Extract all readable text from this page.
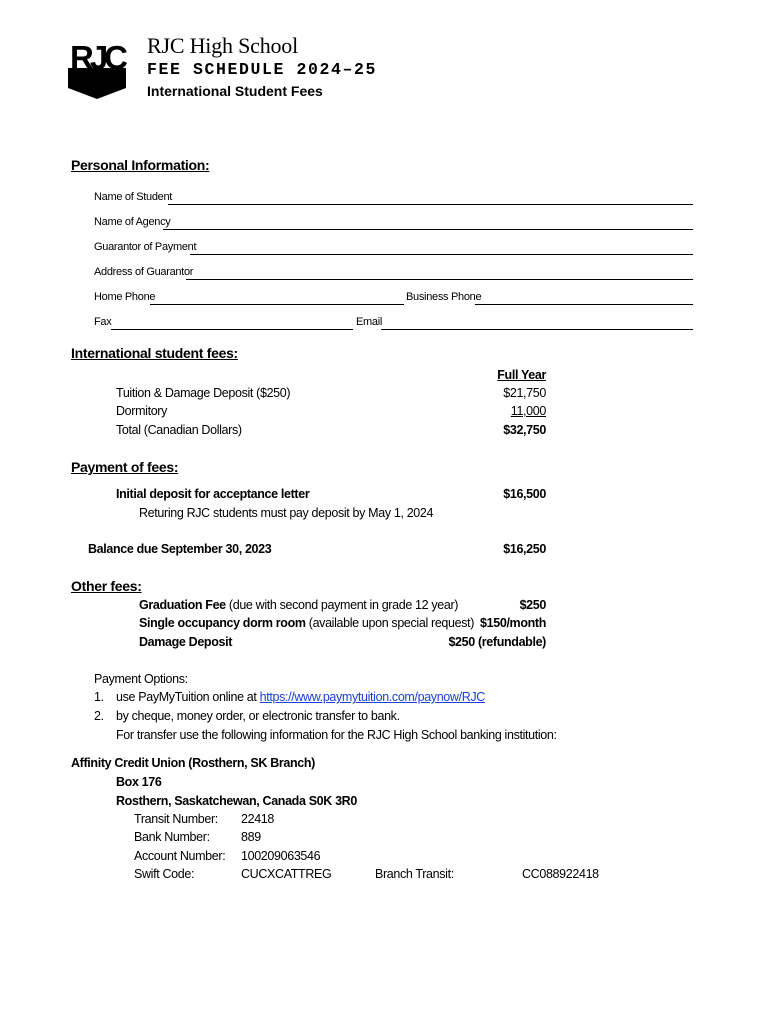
RJC RJC High School
FEE SCHEDULE 2024–25
International Student Fees
Personal Information:
Name of Student
Name of Agency
Guarantor of Payment
Address of Guarantor
Home Phone	Business Phone
Fax	Email
International student fees:
Full Year
Tuition & Damage Deposit ($250)	$21,750
Dormitory	11,000
Total (Canadian Dollars)	$32,750
Payment of fees:
Initial deposit for acceptance letter	$16,500
Returing RJC students must pay deposit by May 1, 2024
Balance due September 30, 2023	$16,250
Other fees:
Graduation Fee (due with second payment in grade 12 year)	$250
Single occupancy dorm room (available upon special request) $150/month
Damage Deposit	$250 (refundable)
Payment Options:
1. use PayMyTuition online at https://www.paymytuition.com/paynow/RJC
2. by cheque, money order, or electronic transfer to bank.
For transfer use the following information for the RJC High School banking institution:
Affinity Credit Union (Rosthern, SK Branch)
Box 176
Rosthern, Saskatchewan, Canada S0K 3R0
Transit Number: 22418
Bank Number:	889
Account Number: 100209063546
Swift Code:	CUCXCATTREG	Branch Transit:	CC088922418
